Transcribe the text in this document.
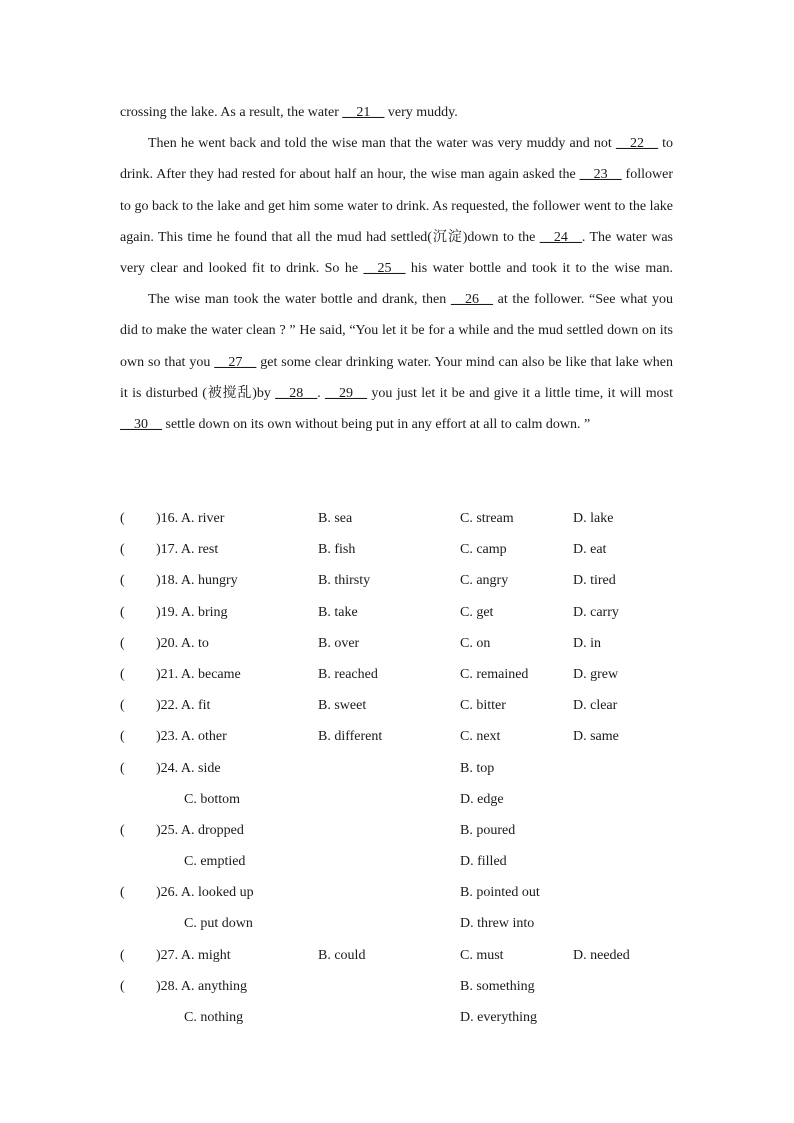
crossing the lake. As a result, the water __21__ very muddy.

Then he went back and told the wise man that the water was very muddy and not __22__ to drink. After they had rested for about half an hour, the wise man again asked the __23__ follower to go back to the lake and get him some water to drink. As requested, the follower went to the lake again. This time he found that all the mud had settled(沉淀)down to the __24__. The water was very clear and looked fit to drink. So he __25__ his water bottle and took it to the wise man.

The wise man took the water bottle and drank, then __26__ at the follower. “See what you did to make the water clean ? ” He said, “You let it be for a while and the mud settled down on its own so that you __27__ get some clear drinking water. Your mind can also be like that lake when it is disturbed (被搅乱)by __28__. __29__ you just let it be and give it a little time, it will most __30__ settle down on its own without being put in any effort at all to calm down. ”

( )16. A. river	B. sea	C. stream	D. lake
( )17. A. rest	B. fish	C. camp	D. eat
( )18. A. hungry	B. thirsty	C. angry	D. tired
( )19. A. bring	B. take	C. get	D. carry
( )20. A. to	B. over	C. on	D. in
( )21. A. became	B. reached	C. remained	D. grew
( )22. A. fit	B. sweet	C. bitter	D. clear
( )23. A. other	B. different	C. next	D. same
( )24. A. side	B. top
C. bottom	D. edge
( )25. A. dropped	B. poured
C. emptied	D. filled
( )26. A. looked up	B. pointed out
C. put down	D. threw into
( )27. A. might	B. could	C. must	D. needed
( )28. A. anything	B. something
C. nothing	D. everything
